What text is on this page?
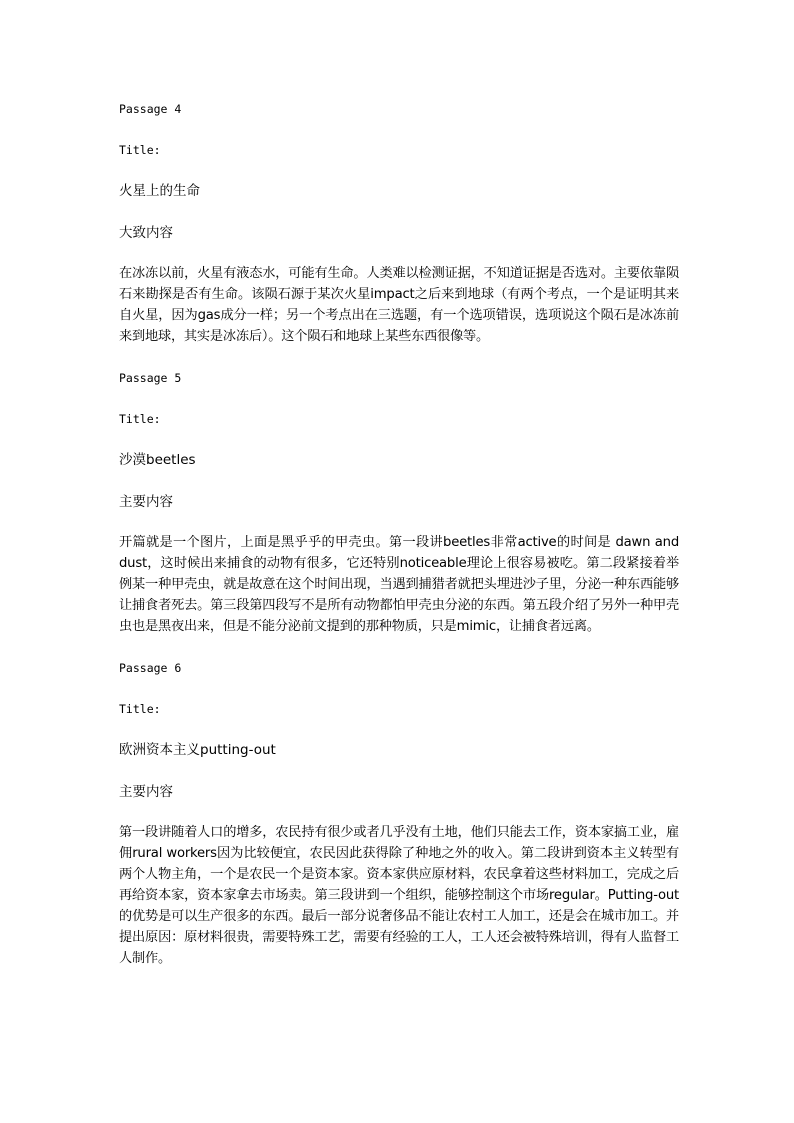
Passage 4
Title:
火星上的生命
大致内容
在冰冻以前，火星有液态水，可能有生命。人类难以检测证据，不知道证据是否选对。主要依靠陨石来勘探是否有生命。该陨石源于某次火星impact之后来到地球（有两个考点，一个是证明其来自火星，因为gas成分一样；另一个考点出在三选题，有一个选项错误，选项说这个陨石是冰冻前来到地球，其实是冰冻后）。这个陨石和地球上某些东西很像等。
Passage 5
Title:
沙漠beetles
主要内容
开篇就是一个图片，上面是黑乎乎的甲壳虫。第一段讲beetles非常active的时间是 dawn and dust，这时候出来捕食的动物有很多，它还特别noticeable理论上很容易被吃。第二段紧接着举例某一种甲壳虫，就是故意在这个时间出现，当遇到捕猎者就把头埋进沙子里，分泌一种东西能够让捕食者死去。第三段第四段写不是所有动物都怕甲壳虫分泌的东西。第五段介绍了另外一种甲壳虫也是黑夜出来，但是不能分泌前文提到的那种物质，只是mimic，让捕食者远离。
Passage 6
Title:
欧洲资本主义putting-out
主要内容
第一段讲随着人口的增多，农民持有很少或者几乎没有土地，他们只能去工作，资本家搞工业，雇佣rural workers因为比较便宜，农民因此获得除了种地之外的收入。第二段讲到资本主义转型有两个人物主角，一个是农民一个是资本家。资本家供应原材料，农民拿着这些材料加工，完成之后再给资本家，资本家拿去市场卖。第三段讲到一个组织，能够控制这个市场regular。Putting-out的优势是可以生产很多的东西。最后一部分说奢侈品不能让农村工人加工，还是会在城市加工。并提出原因：原材料很贵，需要特殊工艺，需要有经验的工人，工人还会被特殊培训，得有人监督工人制作。
